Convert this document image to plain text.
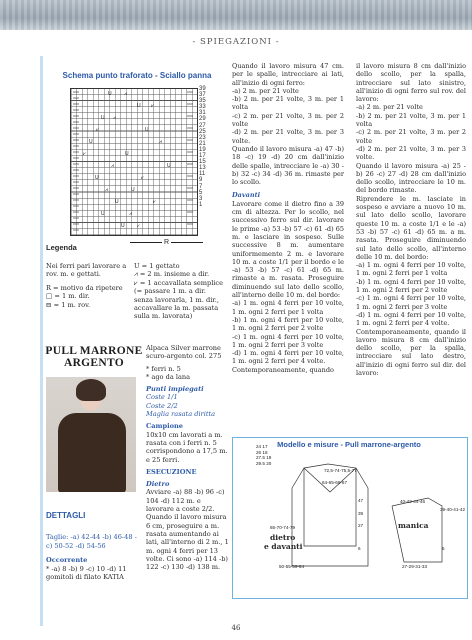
- SPIEGAZIONI -
Schema punto traforato - Sciallo panna
U ⩘
U ⩗
U ⩘
U
⩗
U	⩘
U
⩗
U
⩘
U	⩗
U
⩘
U	⩗
U	⩘
U ⩗
39
37
35
33
31
29
27
25
23
21
19
17
15
13
11
9
7
5
3
1
R
Legenda

Nei ferri pari lavorare a rov. m. e gettati.

R = motivo da ripetere

□ = 1 m. dir.

⊟ = 1 m. rov.

U = 1 gettato

⩘ = 2 m. insieme a dir.

⩗ = 1 accavallata semplice (= passare 1 m. a dir. senza lavorarla, 1 m. dir., accavallare la m. passata sulla m. lavorata)

Quando il lavoro misura 47 cm. per le spalle, intrecciare ai lati, all'inizio di ogni ferro:

-a) 2 m. per 21 volte

-b) 2 m. per 21 volte, 3 m. per 1 volta

-c) 2 m. per 21 volte, 3 m. per 2 volte

-d) 2 m. per 21 volte, 3 m. per 3 volte.

Quando il lavoro misura -a) 47 -b) 18 -c) 19 -d) 20 cm dall'inizio delle spalle, intrecciare le -a) 30 -b) 32 -c) 34 -d) 36 m. rimaste per lo scollo.

Davanti

Lavorare come il dietro fino a 39 cm di altezza. Per lo scollo, nel successivo ferro sul dir. lavorare le prime -a) 53 -b) 57 -c) 61 -d) 65 m. e lasciare in sospeso. Sulle successive 8 m. aumentare uniformemente 2 m. e lavorare 10 m. a coste 1/1 per il bordo e le -a) 53 -b) 57 -c) 61 -d) 65 m. rimaste a m. rasata. Proseguire diminuendo sul lato dello scollo, all'interno delle 10 m. del bordo:

-a) 1 m. ogni 4 ferri per 10 volte, 1 m. ogni 2 ferri per 1 volta

-b) 1 m. ogni 4 ferri per 10 volte, 1 m. ogni 2 ferri per 2 volte

-c) 1 m. ogni 4 ferri per 10 volte, 1 m. ogni 2 ferri per 3 volte

-d) 1 m. ogni 4 ferri per 10 volte, 1 m. ogni 2 ferri per 4 volte.

Contemporaneamente, quando

il lavoro misura 8 cm dall'inizio dello scollo, per la spalla, intrecciare sul lato sinistro, all'inizio di ogni ferro sul rov. del lavoro:

-a) 2 m. per 21 volte

-b) 2 m. per 21 volte, 3 m. per 1 volta

-c) 2 m. per 21 volte, 3 m. per 2 volte

-d) 2 m. per 21 volte, 3 m. per 3 volte.

Quando il lavoro misura -a) 25 -b) 26 -c) 27 -d) 28 cm dall'inizio dello scollo, intrecciare le 10 m. del bordo rimaste.

Riprendere le m. lasciate in sospeso e avviare a nuovo 10 m. sul lato dello scollo, lavorare queste 10 m. a coste 1/1 e le -a) 53 -b) 57 -c) 61 -d) 65 m. a m. rasata. Proseguire diminuendo sul lato dello scollo, all'interno delle 10 m. del bordo:

-a) 1 m. ogni 4 ferri per 10 volte, 1 m. ogni 2 ferri per 1 volta

-b) 1 m. ogni 4 ferri per 10 volte, 1 m. ogni 2 ferri per 2 volte

-c) 1 m. ogni 4 ferri per 10 volte, 1 m. ogni 2 ferri per 3 volte

-d) 1 m. ogni 4 ferri per 10 volte, 1 m. ogni 2 ferri per 4 volte.

Contemporaneamente, quando il lavoro misura 8 cm dall'inizio dello scollo, per la spalla, intrecciare sul lato destro, all'inizio di ogni ferro sul dir. del lavoro:

PULL MARRONE ARGENTO
DETTAGLI

Taglie: -a) 42-44 -b) 46-48 -c) 50-52 -d) 54-56

Occorrente

* -a) 8 -b) 9 -c) 10 -d) 11 gomitoli di filato KATIA

Alpaca Silver marrone scuro-argento col. 275

* ferri n. 5

* ago da lana

Punti impiegati

Coste 1/1

Coste 2/2

Maglia rasata diritta

Campione

10x10 cm lavorati a m. rasata con i ferri n. 5 corrispondono a 17,5 m. e 25 ferri.

ESECUZIONE

Dietro

Avviare -a) 88 -b) 96 -c) 104 -d) 112 m. e lavorare a coste 2/2. Quando il lavoro misura 6 cm, proseguire a m. rasata aumentando ai lati, all'interno di 2 m., 1 m. ogni 4 ferri per 13 volte. Ci sono -a) 114 -b) 122 -c) 130 -d) 138 m.

Modello e misure - Pull marrone-argento
24 17
26 18
27.5 19
29.5 20
72,5-74-75,5-77
64-65-66-67
47
39
27
6
65-70-74-79
dietro
e davanti
50-55-59-64
40-42-44-46
39-40-41-42
manica
27-29-31-33
5
46
